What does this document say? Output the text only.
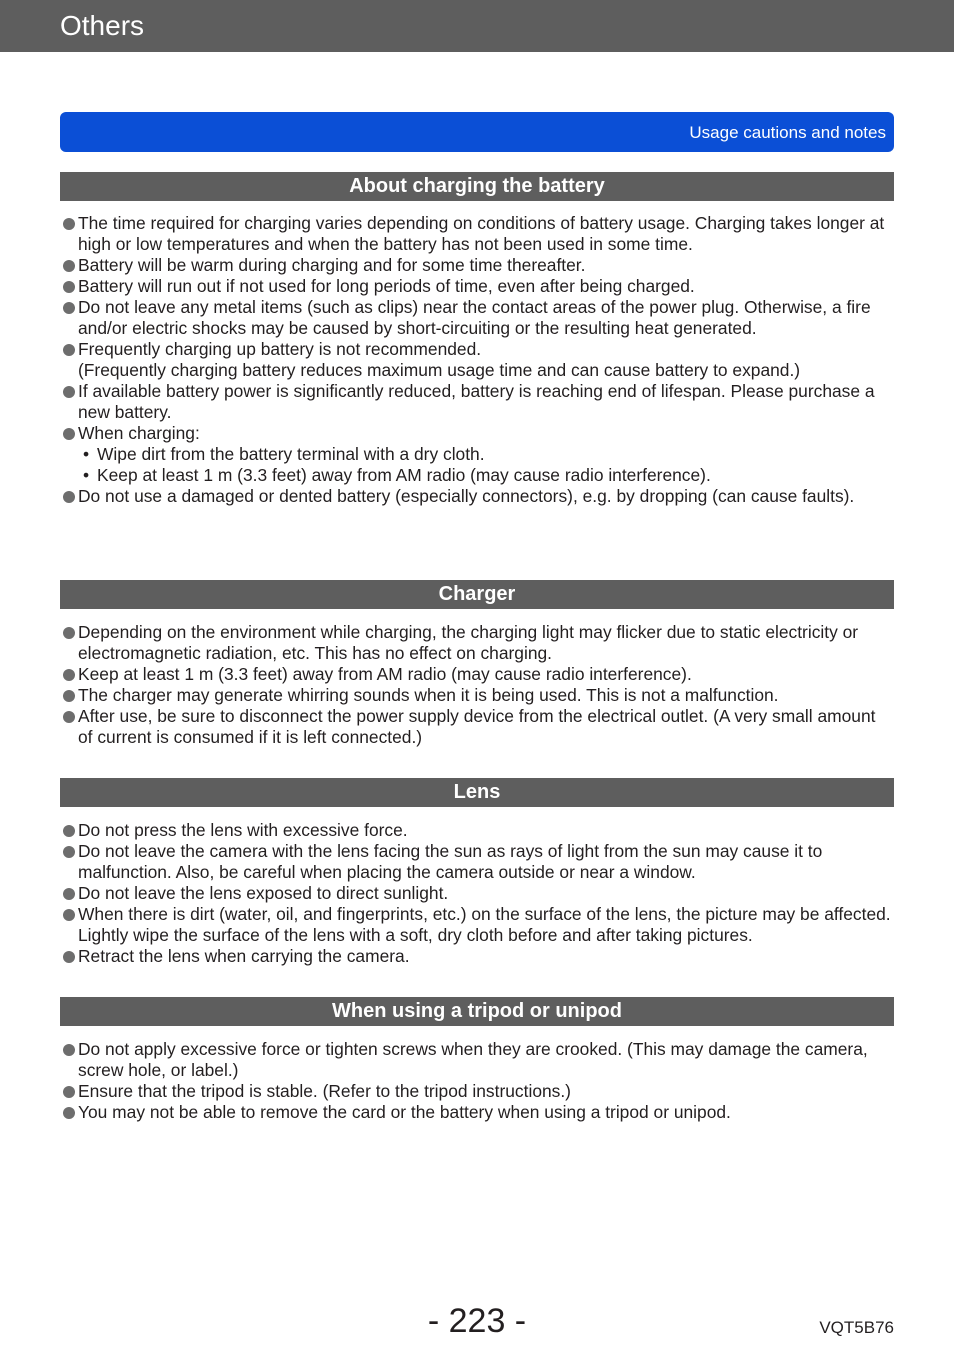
Others
Usage cautions and notes
About charging the battery
The time required for charging varies depending on conditions of battery usage. Charging takes longer at high or low temperatures and when the battery has not been used in some time.
Battery will be warm during charging and for some time thereafter.
Battery will run out if not used for long periods of time, even after being charged.
Do not leave any metal items (such as clips) near the contact areas of the power plug. Otherwise, a fire and/or electric shocks may be caused by short-circuiting or the resulting heat generated.
Frequently charging up battery is not recommended.
(Frequently charging battery reduces maximum usage time and can cause battery to expand.)
If available battery power is significantly reduced, battery is reaching end of lifespan. Please purchase a new battery.
When charging:
• Wipe dirt from the battery terminal with a dry cloth.
• Keep at least 1 m (3.3 feet) away from AM radio (may cause radio interference).
Do not use a damaged or dented battery (especially connectors), e.g. by dropping (can cause faults).
Charger
Depending on the environment while charging, the charging light may flicker due to static electricity or electromagnetic radiation, etc. This has no effect on charging.
Keep at least 1 m (3.3 feet) away from AM radio (may cause radio interference).
The charger may generate whirring sounds when it is being used. This is not a malfunction.
After use, be sure to disconnect the power supply device from the electrical outlet. (A very small amount of current is consumed if it is left connected.)
Lens
Do not press the lens with excessive force.
Do not leave the camera with the lens facing the sun as rays of light from the sun may cause it to malfunction. Also, be careful when placing the camera outside or near a window.
Do not leave the lens exposed to direct sunlight.
When there is dirt (water, oil, and fingerprints, etc.) on the surface of the lens, the picture may be affected. Lightly wipe the surface of the lens with a soft, dry cloth before and after taking pictures.
Retract the lens when carrying the camera.
When using a tripod or unipod
Do not apply excessive force or tighten screws when they are crooked. (This may damage the camera, screw hole, or label.)
Ensure that the tripod is stable. (Refer to the tripod instructions.)
You may not be able to remove the card or the battery when using a tripod or unipod.
- 223 -	VQT5B76
